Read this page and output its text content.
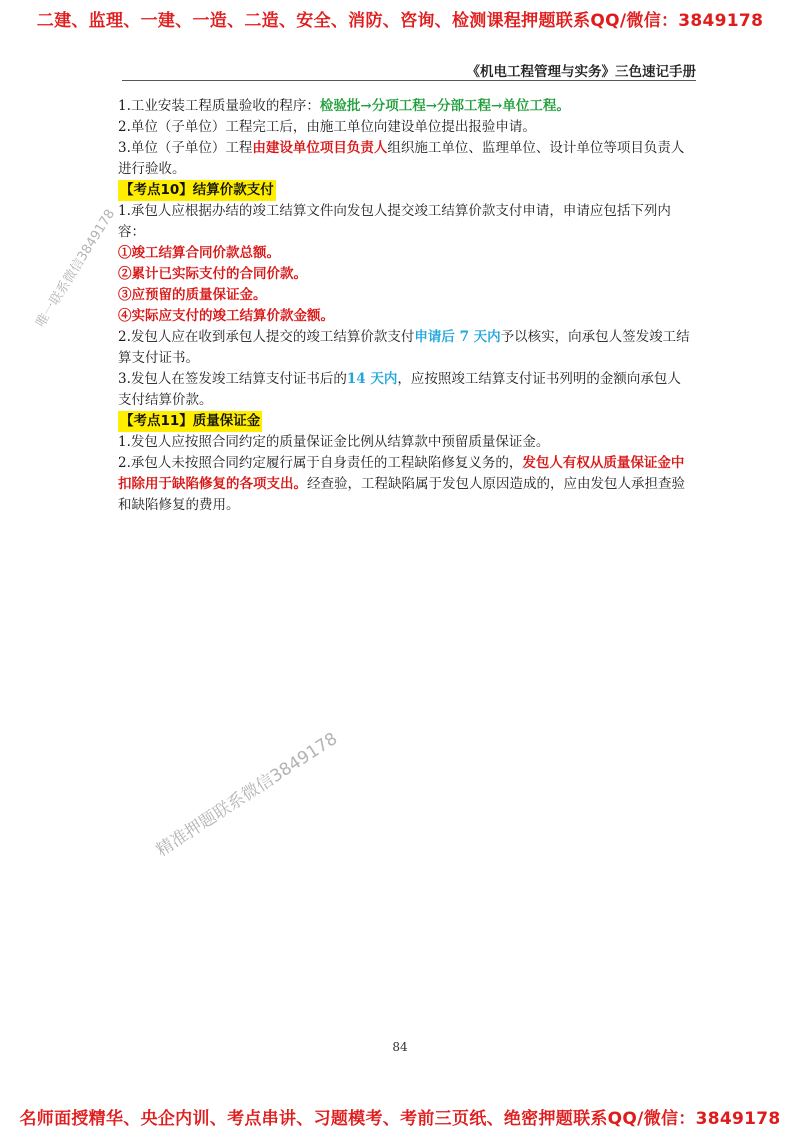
二建、监理、一建、一造、二造、安全、消防、咨询、检测课程押题联系QQ/微信：3849178
《机电工程管理与实务》三色速记手册
唯一联系微信3849178
精准押题联系微信3849178

1.工业安装工程质量验收的程序：检验批→分项工程→分部工程→单位工程。

2.单位（子单位）工程完工后，由施工单位向建设单位提出报验申请。

3.单位（子单位）工程由建设单位项目负责人组织施工单位、监理单位、设计单位等项目负责人进行验收。

【考点10】结算价款支付

1.承包人应根据办结的竣工结算文件向发包人提交竣工结算价款支付申请，申请应包括下列内容：

①竣工结算合同价款总额。

②累计已实际支付的合同价款。

③应预留的质量保证金。

④实际应支付的竣工结算价款金额。

2.发包人应在收到承包人提交的竣工结算价款支付申请后 7 天内予以核实，向承包人签发竣工结算支付证书。

3.发包人在签发竣工结算支付证书后的14 天内，应按照竣工结算支付证书列明的金额向承包人支付结算价款。

【考点11】质量保证金

1.发包人应按照合同约定的质量保证金比例从结算款中预留质量保证金。

2.承包人未按照合同约定履行属于自身责任的工程缺陷修复义务的，发包人有权从质量保证金中扣除用于缺陷修复的各项支出。经查验，工程缺陷属于发包人原因造成的，应由发包人承担查验和缺陷修复的费用。

84
名师面授精华、央企内训、考点串讲、习题模考、考前三页纸、绝密押题联系QQ/微信：3849178
